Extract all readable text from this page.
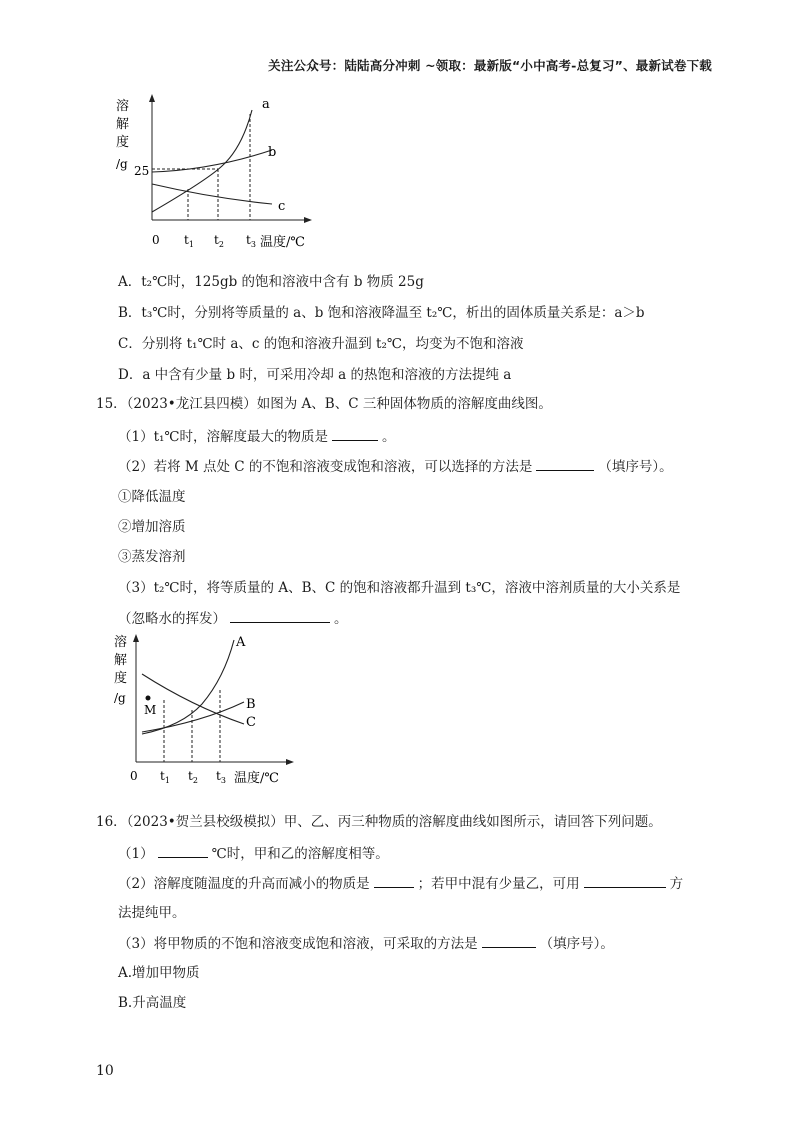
关注公众号：陆陆高分冲刺 ~领取：最新版“小中高考-总复习”、最新试卷下载
溶
解
度
/g 25
a
b
c
0 $t_1$ $t_2$ $t_3$ 温度/℃
A．t₂℃时，125gb 的饱和溶液中含有 b 物质 25g
B．t₃℃时，分别将等质量的 a、b 饱和溶液降温至 t₂℃，析出的固体质量关系是：a＞b
C．分别将 t₁℃时 a、c 的饱和溶液升温到 t₂℃，均变为不饱和溶液
D．a 中含有少量 b 时，可采用冷却 a 的热饱和溶液的方法提纯 a
15．（2023•龙江县四模）如图为 A、B、C 三种固体物质的溶解度曲线图。
（1）t₁℃时，溶解度最大的物质是	。
（2）若将 M 点处 C 的不饱和溶液变成饱和溶液，可以选择的方法是	（填序号）。
①降低温度
②增加溶质
③蒸发溶剂
（3）t₂℃时，将等质量的 A、B、C 的饱和溶液都升温到 t₃℃，溶液中溶剂质量的大小关系是
（忽略水的挥发）	。
溶
解
度
/g
M
A
B
C
0 $t_1$ $t_2$ $t_3$ 温度/℃
16．（2023•贺兰县校级模拟）甲、乙、丙三种物质的溶解度曲线如图所示，请回答下列问题。
（1）	℃时，甲和乙的溶解度相等。
（2）溶解度随温度的升高而减小的物质是	；若甲中混有少量乙，可用	方
法提纯甲。
（3）将甲物质的不饱和溶液变成饱和溶液，可采取的方法是	（填序号）。
A.增加甲物质
B.升高温度
10
